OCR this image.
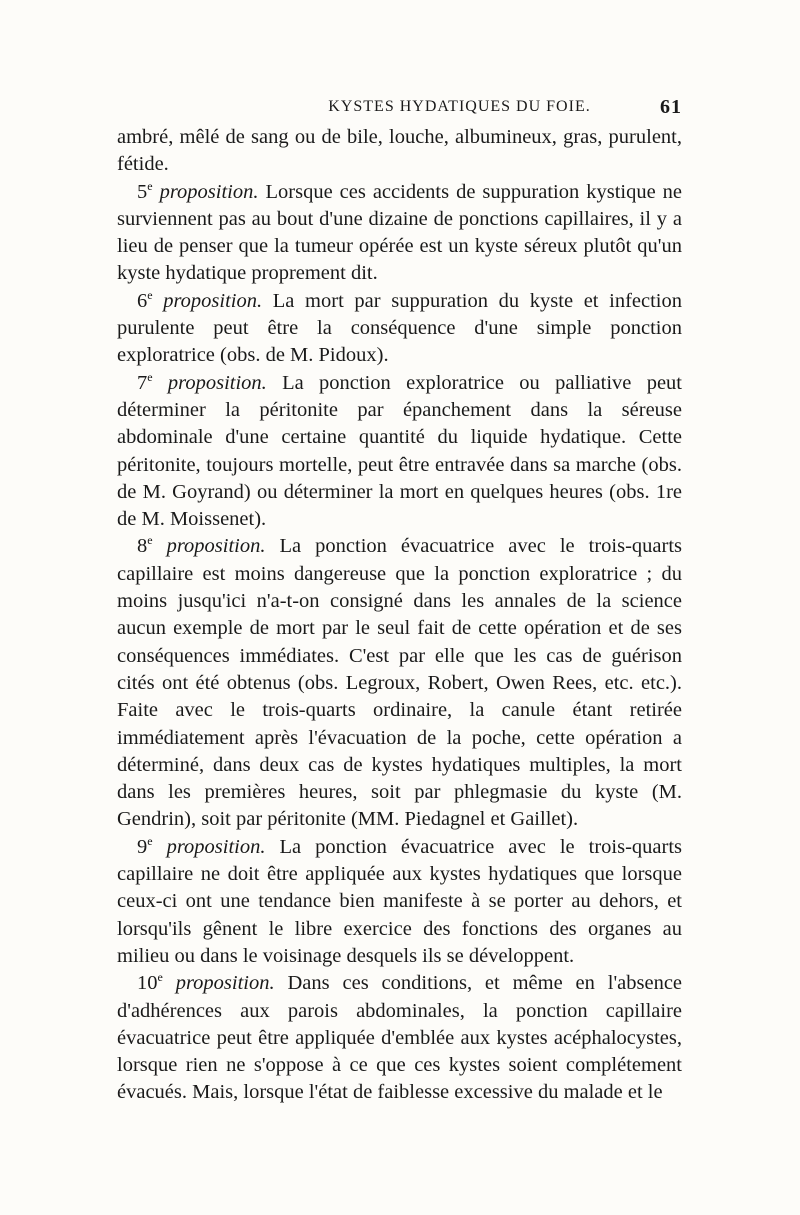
KYSTES HYDATIQUES DU FOIE.	61

ambré, mêlé de sang ou de bile, louche, albumineux, gras, purulent, fétide.

5e proposition. Lorsque ces accidents de suppuration kystique ne surviennent pas au bout d'une dizaine de ponctions capillaires, il y a lieu de penser que la tumeur opérée est un kyste séreux plutôt qu'un kyste hydatique proprement dit.

6e proposition. La mort par suppuration du kyste et infection purulente peut être la conséquence d'une simple ponction exploratrice (obs. de M. Pidoux).

7e proposition. La ponction exploratrice ou palliative peut déterminer la péritonite par épanchement dans la séreuse abdominale d'une certaine quantité du liquide hydatique. Cette péritonite, toujours mortelle, peut être entravée dans sa marche (obs. de M. Goyrand) ou déterminer la mort en quelques heures (obs. 1re de M. Moissenet).

8e proposition. La ponction évacuatrice avec le trois-quarts capillaire est moins dangereuse que la ponction exploratrice ; du moins jusqu'ici n'a-t-on consigné dans les annales de la science aucun exemple de mort par le seul fait de cette opération et de ses conséquences immédiates. C'est par elle que les cas de guérison cités ont été obtenus (obs. Legroux, Robert, Owen Rees, etc. etc.). Faite avec le trois-quarts ordinaire, la canule étant retirée immédiatement après l'évacuation de la poche, cette opération a déterminé, dans deux cas de kystes hydatiques multiples, la mort dans les premières heures, soit par phlegmasie du kyste (M. Gendrin), soit par péritonite (MM. Piedagnel et Gaillet).

9e proposition. La ponction évacuatrice avec le trois-quarts capillaire ne doit être appliquée aux kystes hydatiques que lorsque ceux-ci ont une tendance bien manifeste à se porter au dehors, et lorsqu'ils gênent le libre exercice des fonctions des organes au milieu ou dans le voisinage desquels ils se développent.

10e proposition. Dans ces conditions, et même en l'absence d'adhérences aux parois abdominales, la ponction capillaire évacuatrice peut être appliquée d'emblée aux kystes acéphalocystes, lorsque rien ne s'oppose à ce que ces kystes soient complétement évacués. Mais, lorsque l'état de faiblesse excessive du malade et le
